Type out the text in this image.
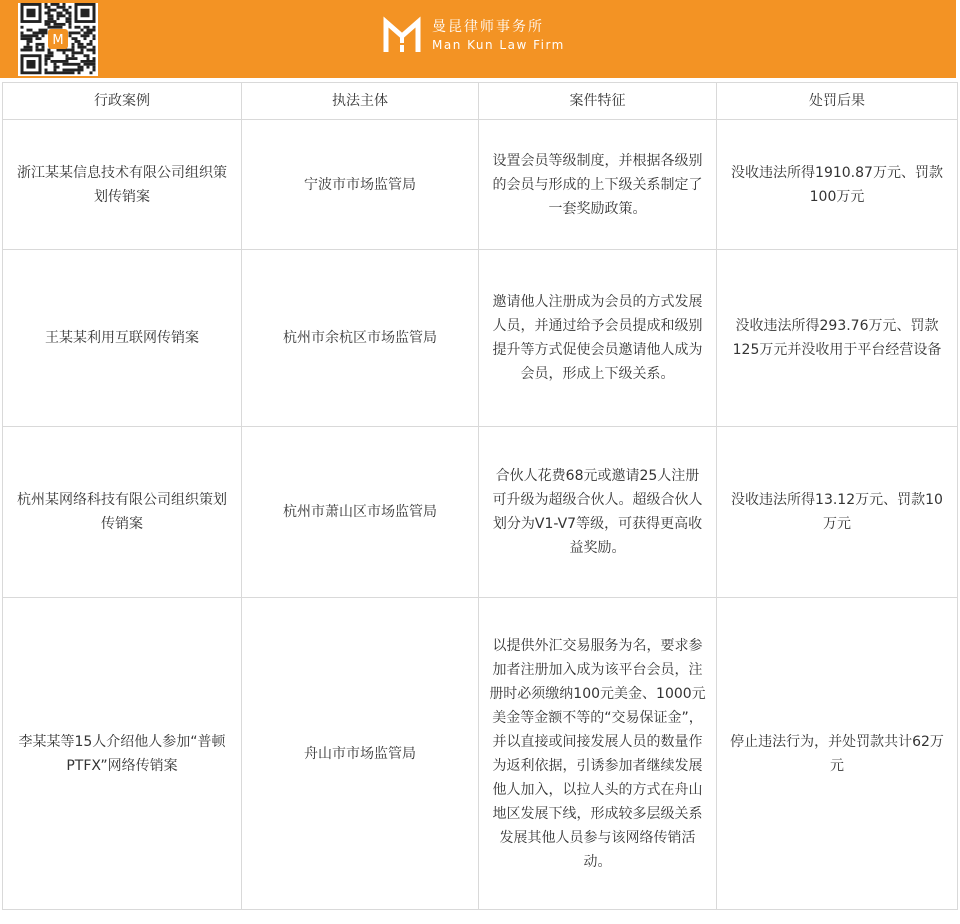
M
曼昆律师事务所
Man Kun Law Firm
行政案例	执法主体	案件特征	处罚后果
浙江某某信息技术有限公司组织策划传销案	宁波市市场监管局	设置会员等级制度，并根据各级别的会员与形成的上下级关系制定了一套奖励政策。	没收违法所得1910.87万元、罚款100万元
王某某利用互联网传销案	杭州市余杭区市场监管局	邀请他人注册成为会员的方式发展人员，并通过给予会员提成和级别提升等方式促使会员邀请他人成为会员，形成上下级关系。	没收违法所得293.76万元、罚款125万元并没收用于平台经营设备
杭州某网络科技有限公司组织策划传销案	杭州市萧山区市场监管局	合伙人花费68元或邀请25人注册可升级为超级合伙人。超级合伙人划分为V1-V7等级，可获得更高收益奖励。	没收违法所得13.12万元、罚款10万元
李某某等15人介绍他人参加“普顿PTFX”网络传销案	舟山市市场监管局	以提供外汇交易服务为名，要求参加者注册加入成为该平台会员，注册时必须缴纳100元美金、1000元美金等金额不等的“交易保证金”，并以直接或间接发展人员的数量作为返利依据，引诱参加者继续发展他人加入，以拉人头的方式在舟山地区发展下线，形成较多层级关系发展其他人员参与该网络传销活动。	停止违法行为，并处罚款共计62万元
